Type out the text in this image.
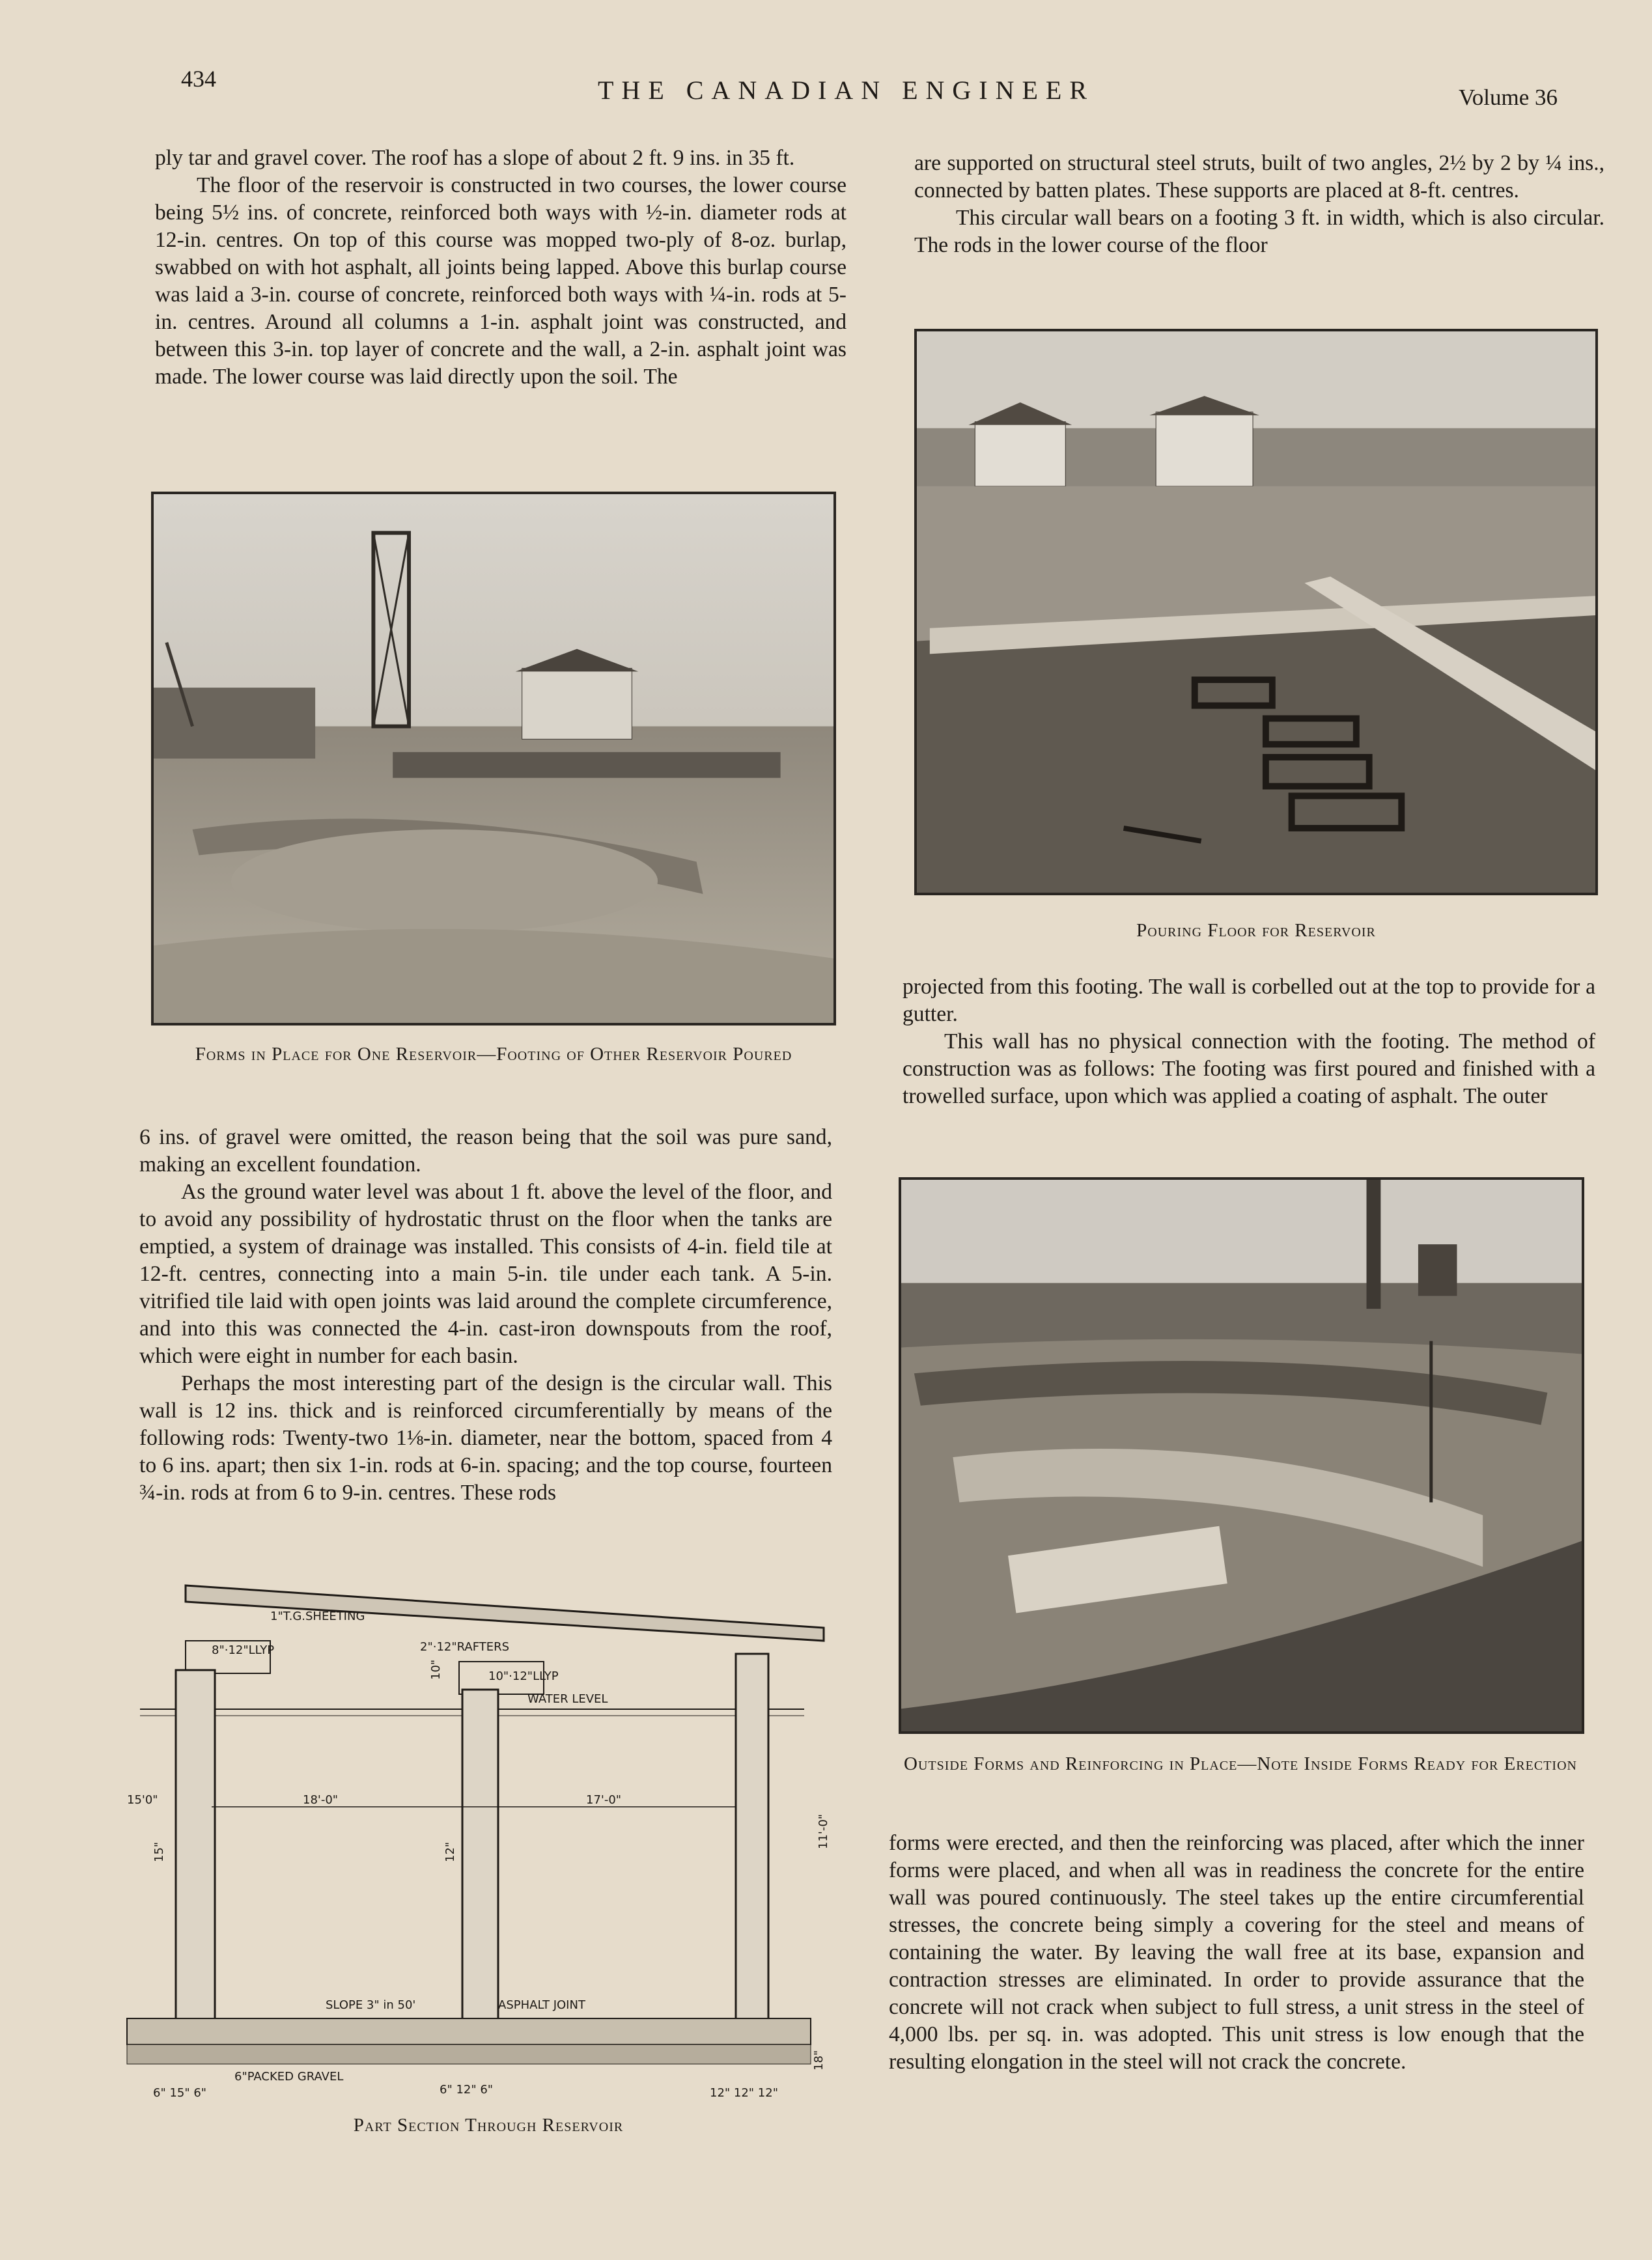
434	THE CANADIAN ENGINEER	Volume 36

ply tar and gravel cover. The roof has a slope of about 2 ft. 9 ins. in 35 ft.

The floor of the reservoir is constructed in two courses, the lower course being 5½ ins. of concrete, reinforced both ways with ½-in. diameter rods at 12-in. centres. On top of this course was mopped two-ply of 8-oz. burlap, swabbed on with hot asphalt, all joints being lapped. Above this burlap course was laid a 3-in. course of concrete, reinforced both ways with ¼-in. rods at 5-in. centres. Around all columns a 1-in. asphalt joint was constructed, and between this 3-in. top layer of concrete and the wall, a 2-in. asphalt joint was made. The lower course was laid directly upon the soil. The

Forms in Place for One Reservoir—Footing of Other Reservoir Poured

6 ins. of gravel were omitted, the reason being that the soil was pure sand, making an excellent foundation.

As the ground water level was about 1 ft. above the level of the floor, and to avoid any possibility of hydrostatic thrust on the floor when the tanks are emptied, a system of drainage was installed. This consists of 4-in. field tile at 12-ft. centres, connecting into a main 5-in. tile under each tank. A 5-in. vitrified tile laid with open joints was laid around the complete circumference, and into this was connected the 4-in. cast-iron downspouts from the roof, which were eight in number for each basin.

Perhaps the most interesting part of the design is the circular wall. This wall is 12 ins. thick and is reinforced circumferentially by means of the following rods: Twenty-two 1⅛-in. diameter, near the bottom, spaced from 4 to 6 ins. apart; then six 1-in. rods at 6-in. spacing; and the top course, fourteen ¾-in. rods at from 6 to 9-in. centres. These rods

1"T.G.SHEETING
2"·12"RAFTERS
8"·12"LLYP
10"·12"LLYP
WATER LEVEL
18'-0"	17'-0"
15'0"
11'-0"
15"	12"
10"
SLOPE 3" in 50'	ASPHALT JOINT
6"PACKED GRAVEL
6" 15" 6"	6" 12" 6"	12" 12" 12"
18"
Part Section Through Reservoir

are supported on structural steel struts, built of two angles, 2½ by 2 by ¼ ins., connected by batten plates. These supports are placed at 8-ft. centres.

This circular wall bears on a footing 3 ft. in width, which is also circular. The rods in the lower course of the floor

Pouring Floor for Reservoir

projected from this footing. The wall is corbelled out at the top to provide for a gutter.

This wall has no physical connection with the footing. The method of construction was as follows: The footing was first poured and finished with a trowelled surface, upon which was applied a coating of asphalt. The outer

Outside Forms and Reinforcing in Place—Note Inside Forms Ready for Erection

forms were erected, and then the reinforcing was placed, after which the inner forms were placed, and when all was in readiness the concrete for the entire wall was poured continuously. The steel takes up the entire circumferential stresses, the concrete being simply a covering for the steel and means of containing the water. By leaving the wall free at its base, expansion and contraction stresses are eliminated. In order to provide assurance that the concrete will not crack when subject to full stress, a unit stress in the steel of 4,000 lbs. per sq. in. was adopted. This unit stress is low enough that the resulting elongation in the steel will not crack the concrete.
